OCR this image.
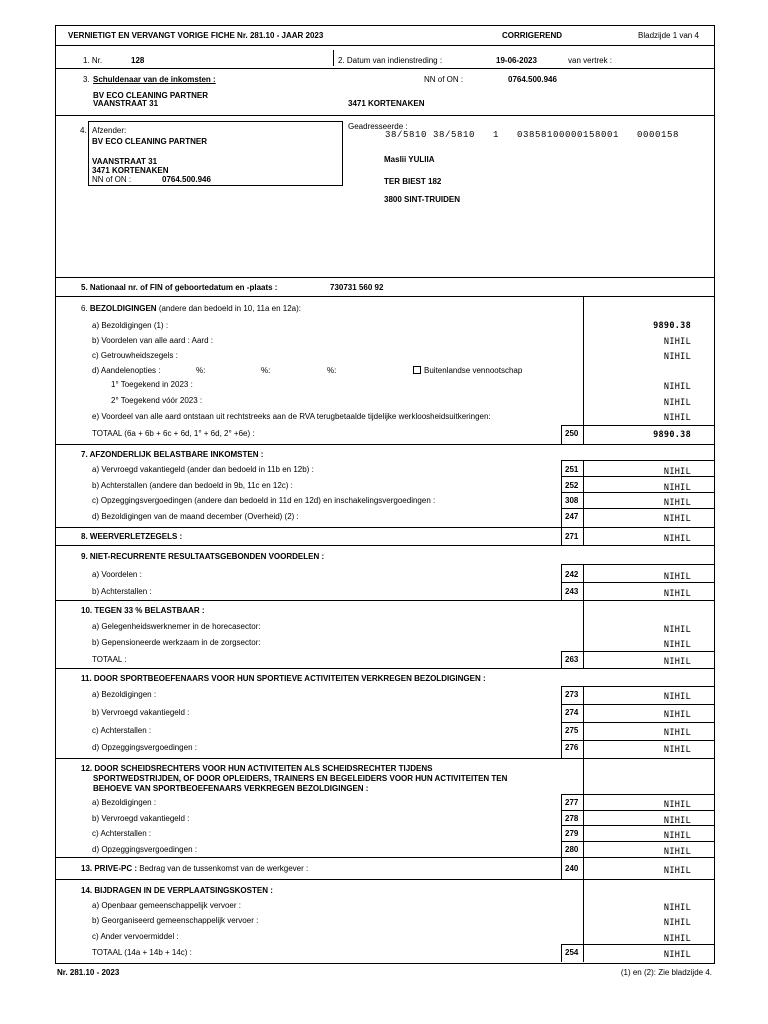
VERNIETIGT EN VERVANGT VORIGE FICHE Nr. 281.10 - JAAR 2023	CORRIGEREND	Bladzijde 1 van 4
1. Nr.	128	2. Datum van indienstreding :	19-06-2023	van vertrek :
3. Schuldenaar van de inkomsten :	NN of ON :	0764.500.946
BV ECO CLEANING PARTNER
VAANSTRAAT 31	3471 KORTENAKEN
4. Afzender:
BV ECO CLEANING PARTNER
VAANSTRAAT 31
3471 KORTENAKEN
NN of ON :	0764.500.946
Geadresseerde :
38/5810 38/5810   1   03858100000158001   0000158
Maslii YULIIA
TER BIEST 182
3800 SINT-TRUIDEN
5. Nationaal nr. of FIN of geboortedatum en -plaats :	730731 560 92
6. BEZOLDIGINGEN (andere dan bedoeld in 10, 11a en 12a):
a) Bezoldigingen (1) :	9890.38
b) Voordelen van alle aard : Aard :	NIHIL
c) Getrouwheidszegels :	NIHIL
d) Aandelenopties :	%:	%:	%:	Buitenlandse vennootschap
1° Toegekend in 2023 :	NIHIL
2° Toegekend vóór 2023 :	NIHIL
e) Voordeel van alle aard ontstaan uit rechtstreeks aan de RVA terugbetaalde tijdelijke werkloosheidsuitkeringen:	NIHIL
TOTAAL (6a + 6b + 6c + 6d, 1° + 6d, 2° +6e) :	250	9890.38
7. AFZONDERLIJK BELASTBARE INKOMSTEN :
a) Vervroegd vakantiegeld (ander dan bedoeld in 11b en 12b) :	251	NIHIL
b) Achterstallen (andere dan bedoeld in 9b, 11c en 12c) :	252	NIHIL
c) Opzeggingsvergoedingen (andere dan bedoeld in 11d en 12d) en inschakelingsvergoedingen :	308	NIHIL
d) Bezoldigingen van de maand december (Overheid) (2) :	247	NIHIL
8. WEERVERLETZEGELS :	271	NIHIL
9. NIET-RECURRENTE RESULTAATSGEBONDEN VOORDELEN :
a) Voordelen :	242	NIHIL
b) Achterstallen :	243	NIHIL
10. TEGEN 33 % BELASTBAAR :
a) Gelegenheidswerknemer in de horecasector:	NIHIL
b) Gepensioneerde werkzaam in de zorgsector:	NIHIL
TOTAAL :	263	NIHIL
11. DOOR SPORTBEOEFENAARS VOOR HUN SPORTIEVE ACTIVITEITEN VERKREGEN BEZOLDIGINGEN :
a) Bezoldigingen :	273	NIHIL
b) Vervroegd vakantiegeld :	274	NIHIL
c) Achterstallen :	275	NIHIL
d) Opzeggingsvergoedingen :	276	NIHIL
12. DOOR SCHEIDSRECHTERS VOOR HUN ACTIVITEITEN ALS SCHEIDSRECHTER TIJDENS
SPORTWEDSTRIJDEN, OF DOOR OPLEIDERS, TRAINERS EN BEGELEIDERS VOOR HUN ACTIVITEITEN TEN
BEHOEVE VAN SPORTBEOEFENAARS VERKREGEN BEZOLDIGINGEN :
a) Bezoldigingen :	277	NIHIL
b) Vervroegd vakantiegeld :	278	NIHIL
c) Achterstallen :	279	NIHIL
d) Opzeggingsvergoedingen :	280	NIHIL
13. PRIVE-PC : Bedrag van de tussenkomst van de werkgever :	240	NIHIL
14. BIJDRAGEN IN DE VERPLAATSINGSKOSTEN :
a) Openbaar gemeenschappelijk vervoer :	NIHIL
b) Georganiseerd gemeenschappelijk vervoer :	NIHIL
c) Ander vervoermiddel :	NIHIL
TOTAAL (14a + 14b + 14c) :	254	NIHIL
Nr. 281.10 - 2023	(1) en (2): Zie bladzijde 4.
